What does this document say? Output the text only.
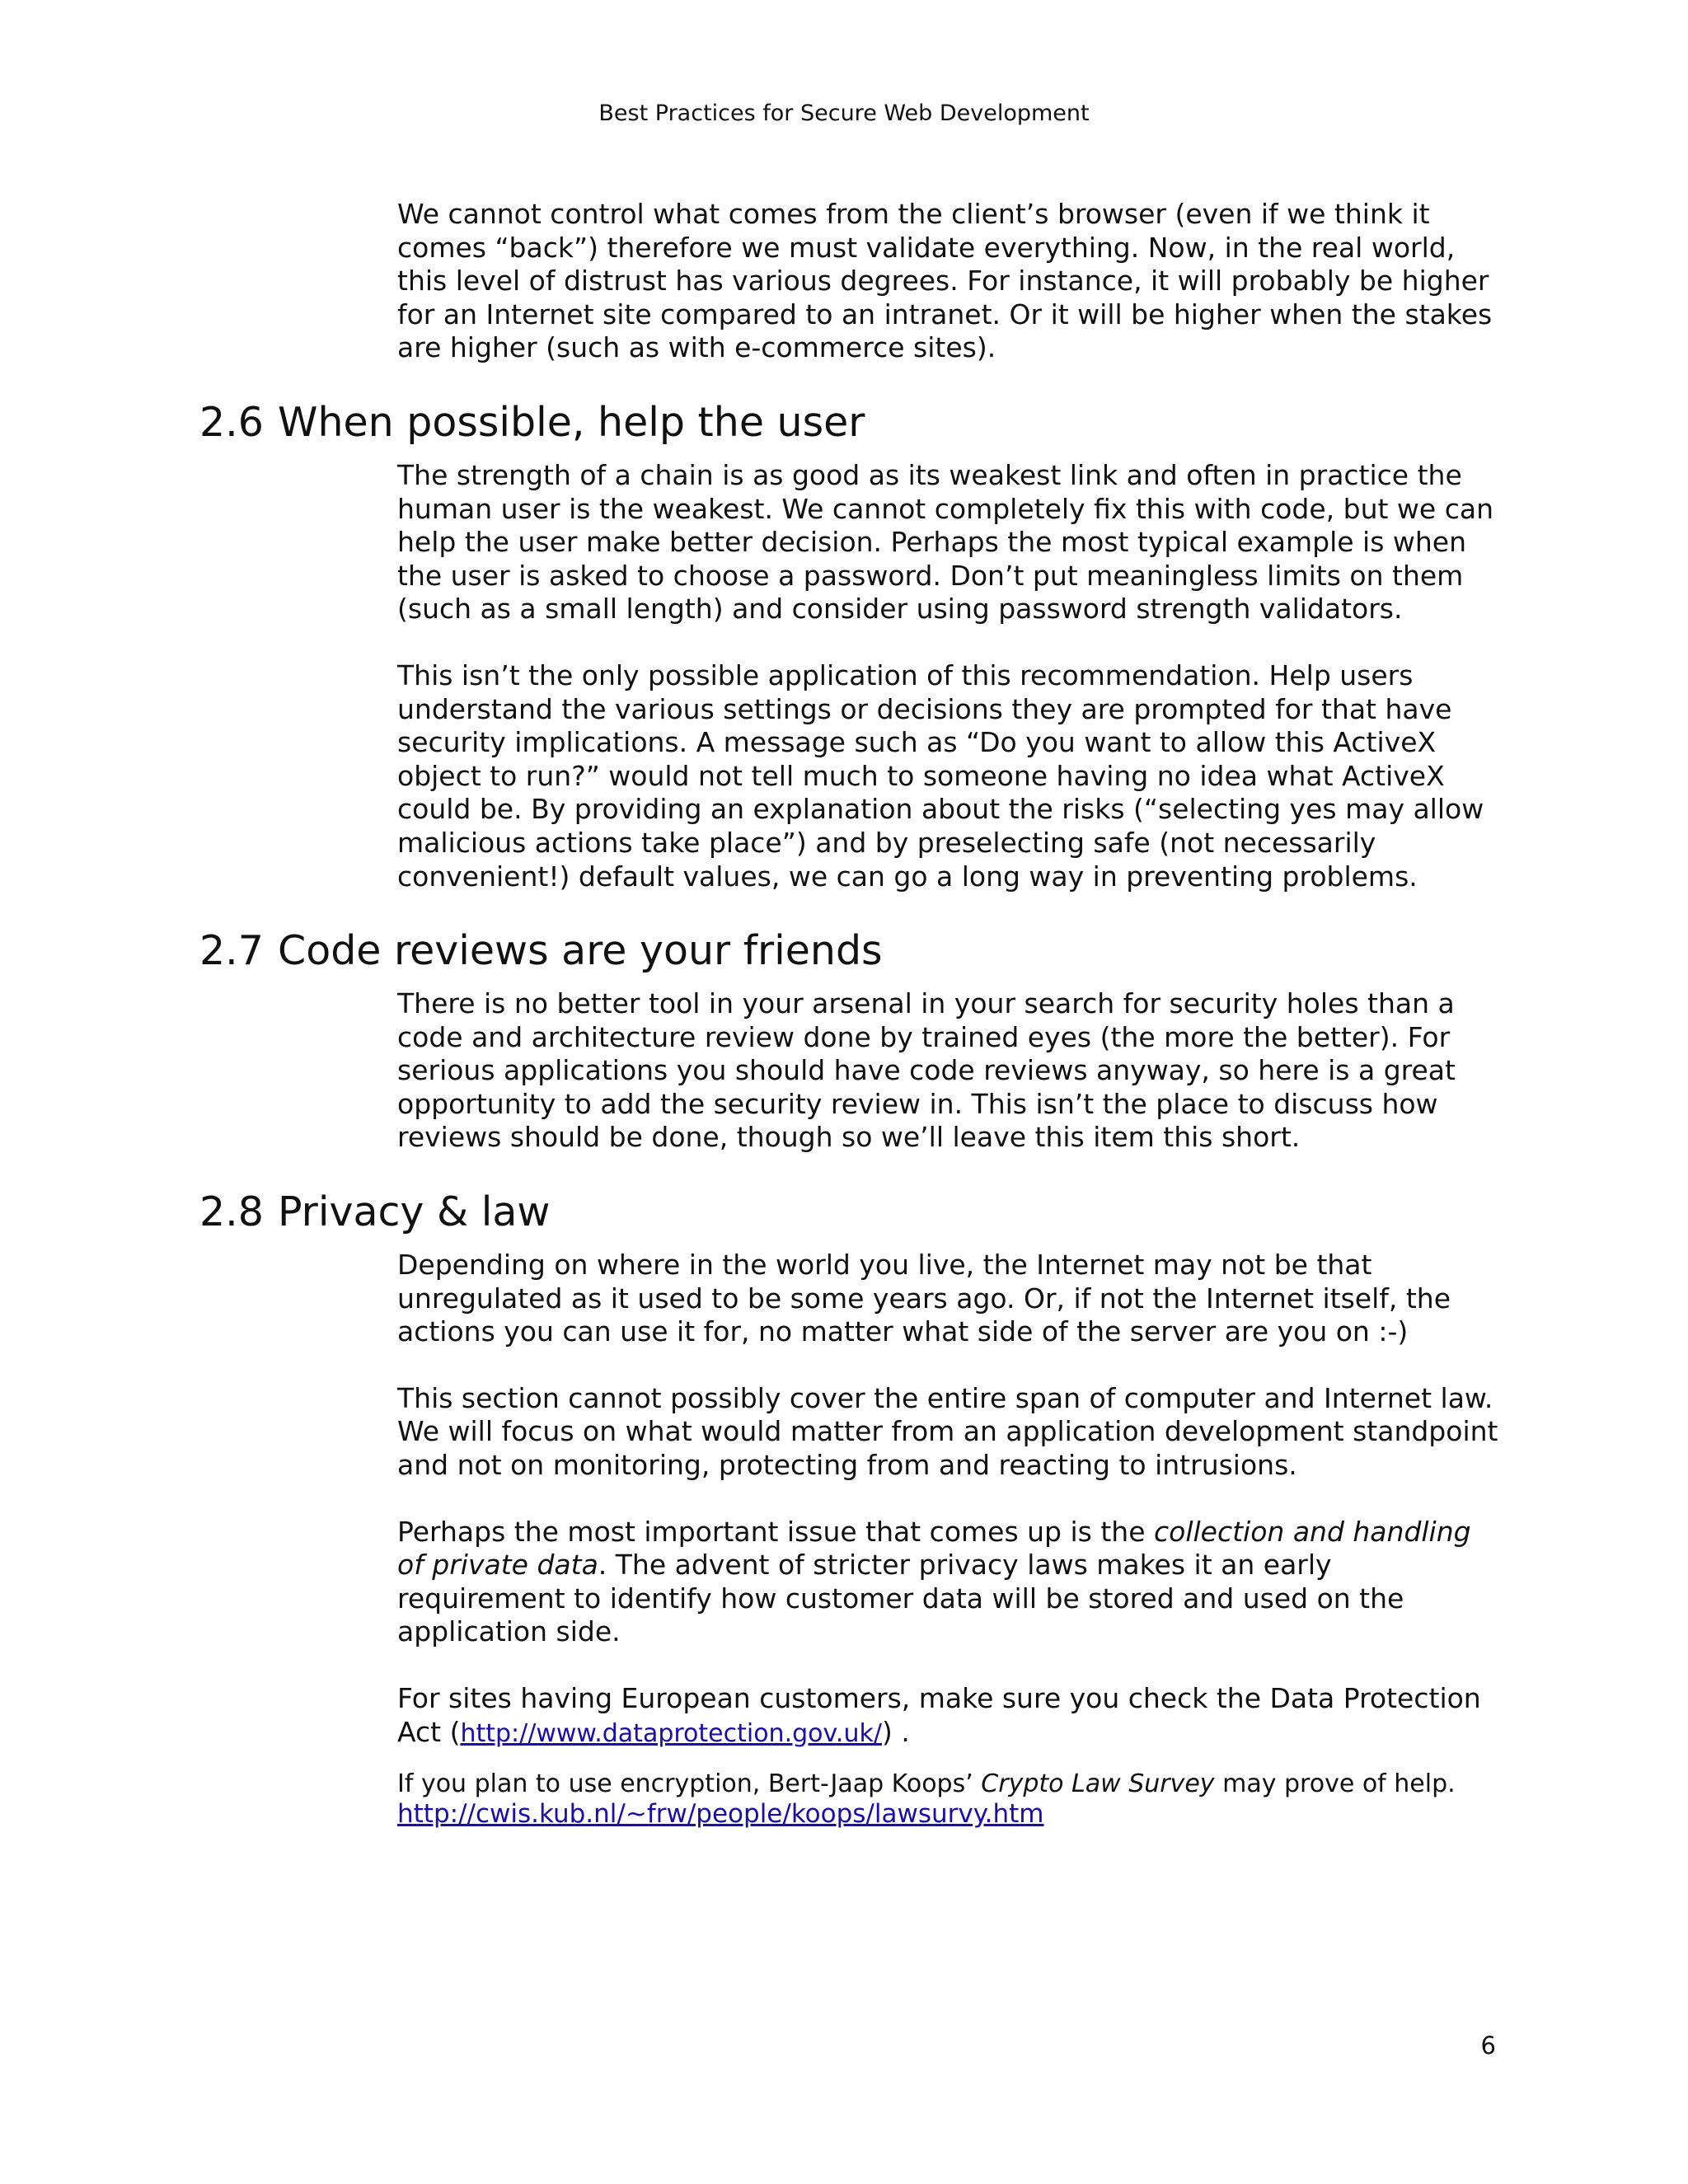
Best Practices for Secure Web Development

We cannot control what comes from the client’s browser (even if we think it comes “back”) therefore we must validate everything. Now, in the real world, this level of distrust has various degrees. For instance, it will probably be higher for an Internet site compared to an intranet. Or it will be higher when the stakes are higher (such as with e-commerce sites).

2.6 When possible, help the user

The strength of a chain is as good as its weakest link and often in practice the human user is the weakest. We cannot completely fix this with code, but we can help the user make better decision. Perhaps the most typical example is when the user is asked to choose a password. Don’t put meaningless limits on them (such as a small length) and consider using password strength validators.

This isn’t the only possible application of this recommendation. Help users understand the various settings or decisions they are prompted for that have security implications. A message such as “Do you want to allow this ActiveX object to run?” would not tell much to someone having no idea what ActiveX could be. By providing an explanation about the risks (“selecting yes may allow malicious actions take place”) and by preselecting safe (not necessarily convenient!) default values, we can go a long way in preventing problems.

2.7 Code reviews are your friends

There is no better tool in your arsenal in your search for security holes than a code and architecture review done by trained eyes (the more the better). For serious applications you should have code reviews anyway, so here is a great opportunity to add the security review in. This isn’t the place to discuss how reviews should be done, though so we’ll leave this item this short.

2.8 Privacy & law

Depending on where in the world you live, the Internet may not be that unregulated as it used to be some years ago. Or, if not the Internet itself, the actions you can use it for, no matter what side of the server are you on :-)

This section cannot possibly cover the entire span of computer and Internet law. We will focus on what would matter from an application development standpoint and not on monitoring, protecting from and reacting to intrusions.

Perhaps the most important issue that comes up is the collection and handling of private data. The advent of stricter privacy laws makes it an early requirement to identify how customer data will be stored and used on the application side.

For sites having European customers, make sure you check the Data Protection Act (http://www.dataprotection.gov.uk/) .

If you plan to use encryption, Bert-Jaap Koops’ Crypto Law Survey may prove of help.
http://cwis.kub.nl/~frw/people/koops/lawsurvy.htm

6
